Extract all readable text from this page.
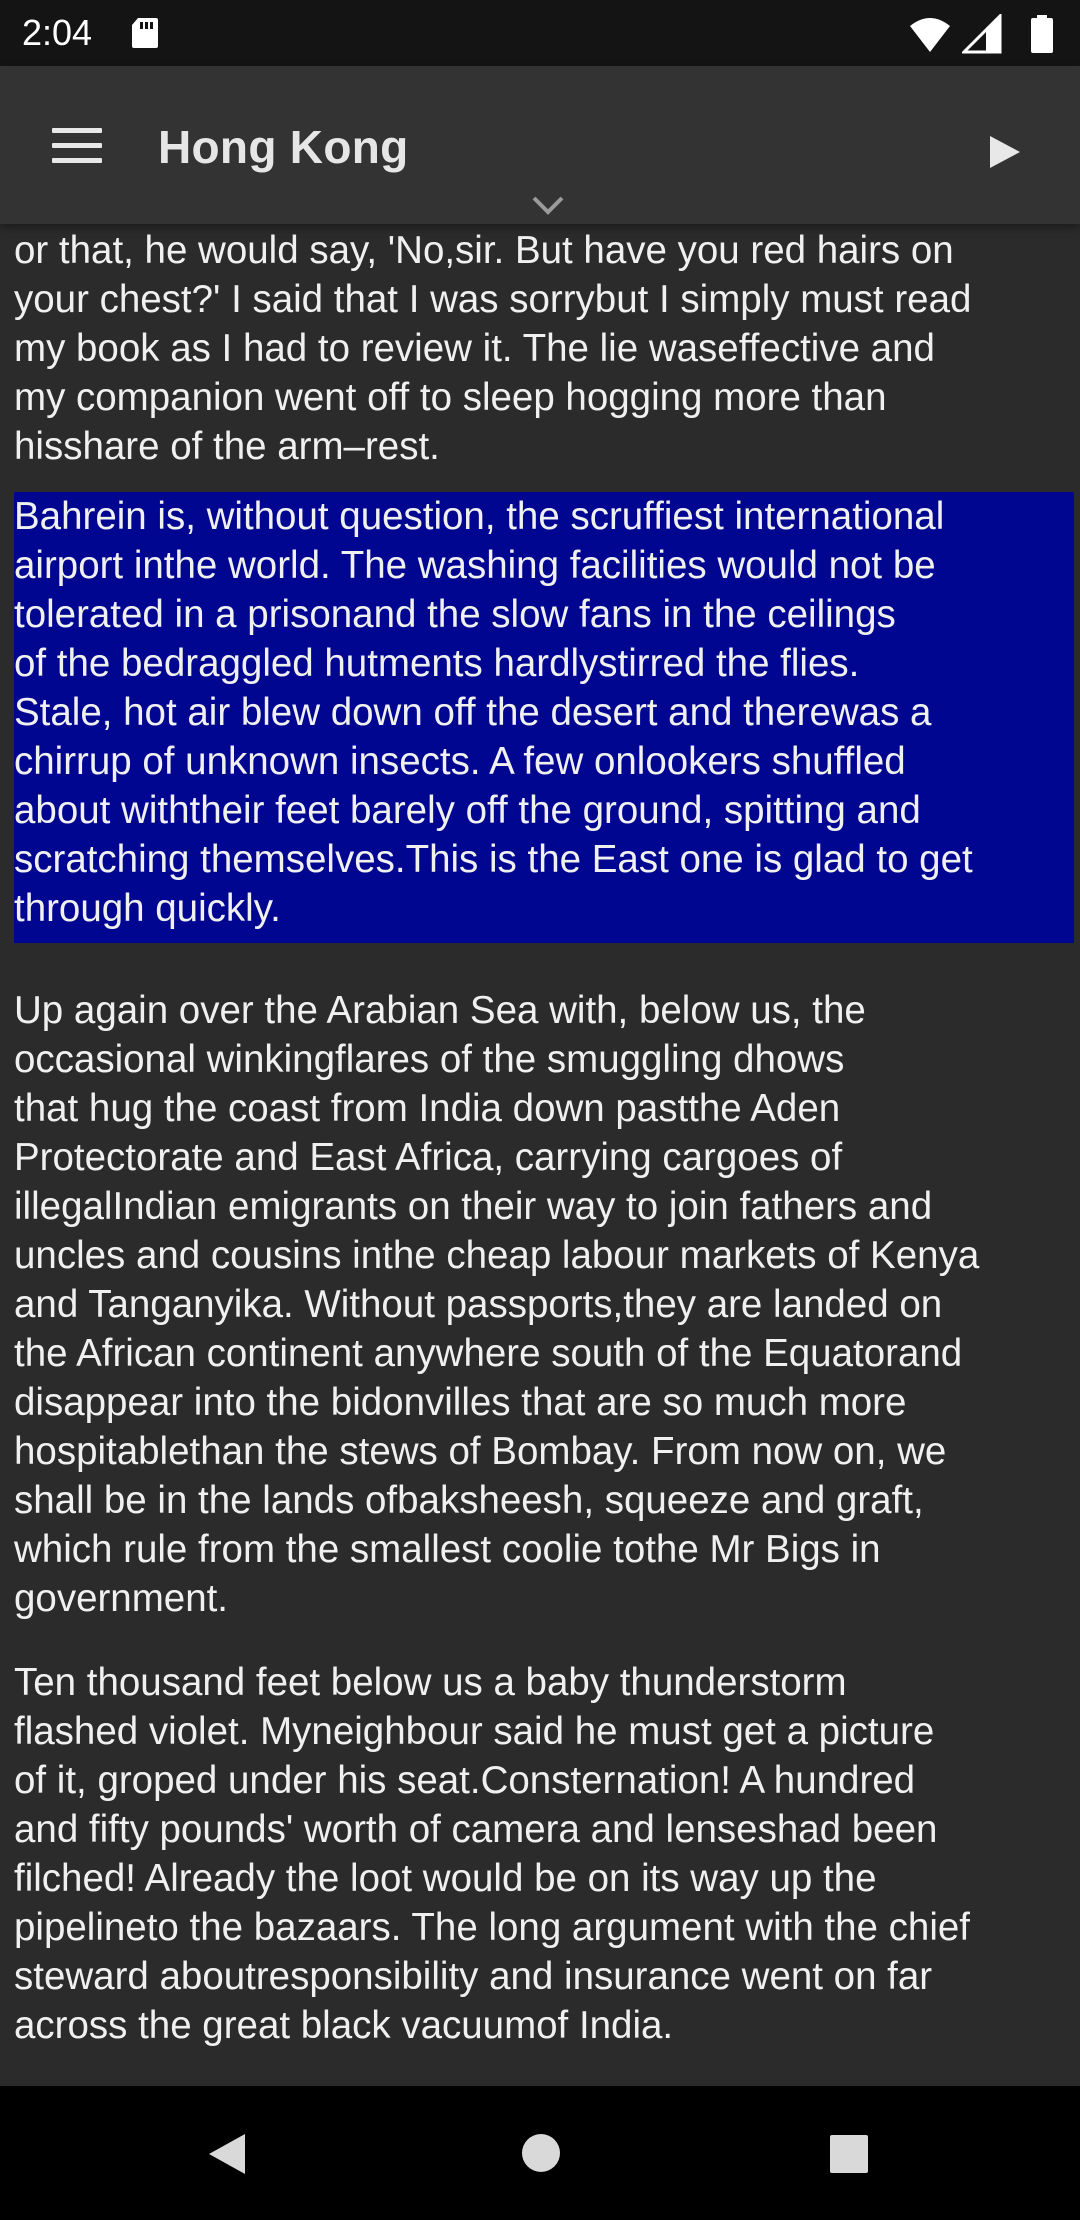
2:04
Hong Kong

or that, he would say, 'No,sir. But have you red hairs on
your chest?' I said that I was sorrybut I simply must read
my book as I had to review it. The lie waseffective and
my companion went off to sleep hogging more than
hisshare of the arm–rest.

Bahrein is, without question, the scruffiest international
airport inthe world. The washing facilities would not be
tolerated in a prisonand the slow fans in the ceilings
of the bedraggled hutments hardlystirred the flies.
Stale, hot air blew down off the desert and therewas a
chirrup of unknown insects. A few onlookers shuffled
about withtheir feet barely off the ground, spitting and
scratching themselves.This is the East one is glad to get
through quickly.

Up again over the Arabian Sea with, below us, the
occasional winkingflares of the smuggling dhows
that hug the coast from India down pastthe Aden
Protectorate and East Africa, carrying cargoes of
illegalIndian emigrants on their way to join fathers and
uncles and cousins inthe cheap labour markets of Kenya
and Tanganyika. Without passports,they are landed on
the African continent anywhere south of the Equatorand
disappear into the bidonvilles that are so much more
hospitablethan the stews of Bombay. From now on, we
shall be in the lands ofbaksheesh, squeeze and graft,
which rule from the smallest coolie tothe Mr Bigs in
government.

Ten thousand feet below us a baby thunderstorm
flashed violet. Myneighbour said he must get a picture
of it, groped under his seat.Consternation! A hundred
and fifty pounds' worth of camera and lenseshad been
filched! Already the loot would be on its way up the
pipelineto the bazaars. The long argument with the chief
steward aboutresponsibility and insurance went on far
across the great black vacuumof India.
